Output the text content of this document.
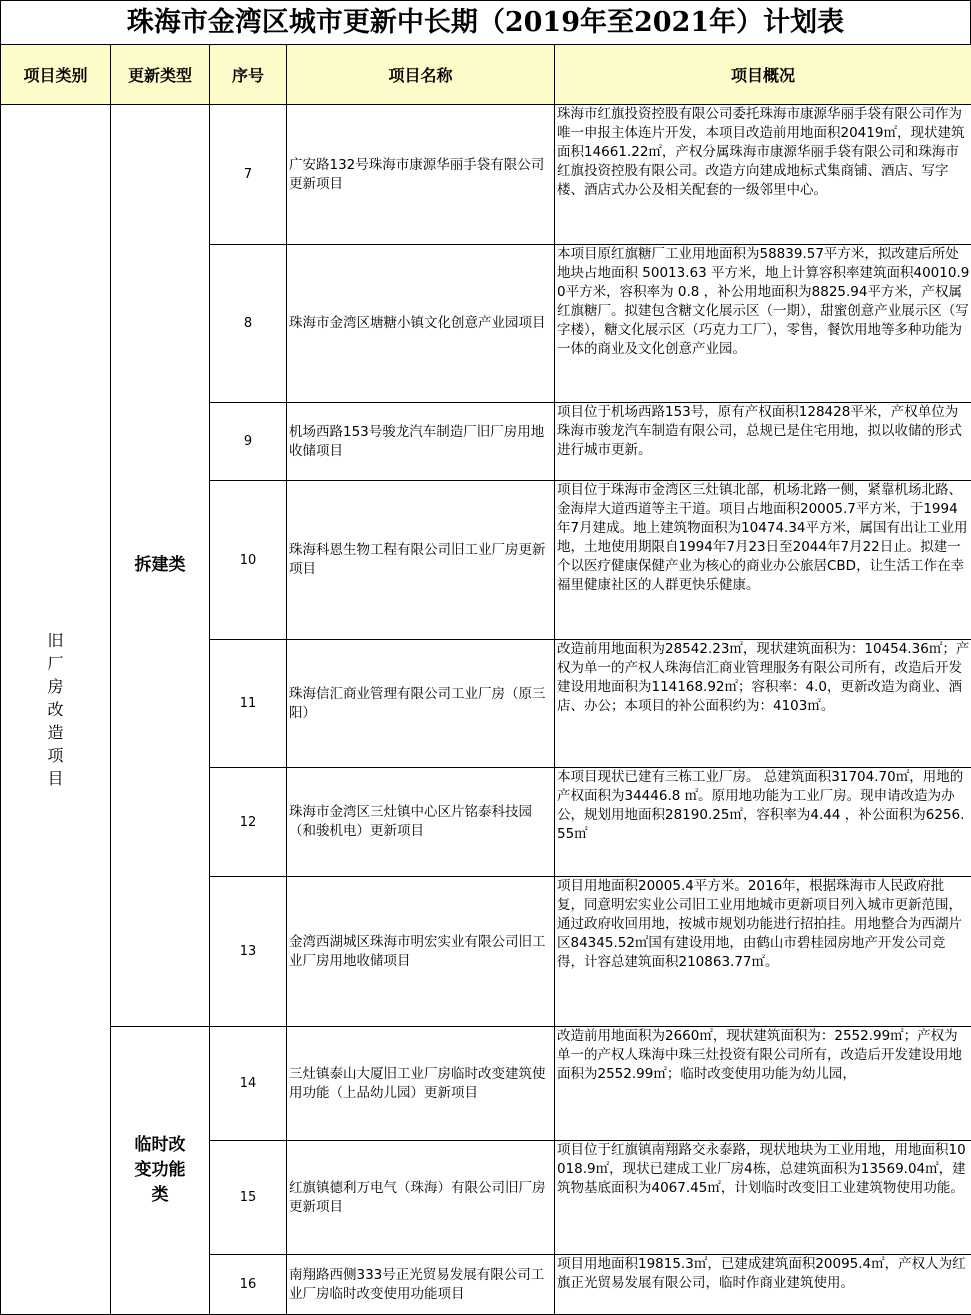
珠海市金湾区城市更新中长期（2019年至2021年）计划表
项目类别	更新类型	序号	项目名称	项目概况
旧厂房改造项目	拆建类	7	广安路132号珠海市康源华丽手袋有限公司更新项目	珠海市红旗投资控股有限公司委托珠海市康源华丽手袋有限公司作为唯一申报主体连片开发，本项目改造前用地面积20419㎡，现状建筑面积14661.22㎡，产权分属珠海市康源华丽手袋有限公司和珠海市红旗投资控股有限公司。改造方向建成地标式集商铺、酒店、写字楼、酒店式办公及相关配套的一级邻里中心。
		8	珠海市金湾区塘糖小镇文化创意产业园项目	本项目原红旗糖厂工业用地面积为58839.57平方米，拟改建后所处地块占地面积 50013.63 平方米，地上计算容积率建筑面积40010.90平方米，容积率为 0.8 ，补公用地面积为8825.94平方米，产权属红旗糖厂。拟建包含糖文化展示区（一期），甜蜜创意产业展示区（写字楼），糖文化展示区（巧克力工厂），零售，餐饮用地等多种功能为一体的商业及文化创意产业园。
		9	机场西路153号骏龙汽车制造厂旧厂房用地收储项目	项目位于机场西路153号，原有产权面积128428平米，产权单位为珠海市骏龙汽车制造有限公司，总规已是住宅用地，拟以收储的形式进行城市更新。
		10	珠海科恩生物工程有限公司旧工业厂房更新项目	项目位于珠海市金湾区三灶镇北部，机场北路一侧，紧靠机场北路、金海岸大道西道等主干道。项目占地面积20005.7平方米，于1994年7月建成。地上建筑物面积为10474.34平方米，属国有出让工业用地，土地使用期限自1994年7月23日至2044年7月22日止。拟建一个以医疗健康保健产业为核心的商业办公旅居CBD，让生活工作在幸福里健康社区的人群更快乐健康。
		11	珠海信汇商业管理有限公司工业厂房（原三阳）	改造前用地面积为28542.23㎡，现状建筑面积为：10454.36㎡；产权为单一的产权人珠海信汇商业管理服务有限公司所有，改造后开发建设用地面积为114168.92㎡；容积率：4.0，更新改造为商业、酒店、办公；本项目的补公面积约为：4103㎡。
		12	珠海市金湾区三灶镇中心区片铭泰科技园（和骏机电）更新项目	本项目现状已建有三栋工业厂房。 总建筑面积31704.70㎡，用地的产权面积为34446.8 ㎡。原用地功能为工业厂房。现申请改造为办公，规划用地面积28190.25㎡，容积率为4.44 ，补公面积为6256.55㎡
		13	金湾西湖城区珠海市明宏实业有限公司旧工业厂房用地收储项目	项目用地面积20005.4平方米。2016年，根据珠海市人民政府批复，同意明宏实业公司旧工业用地城市更新项目列入城市更新范围，通过政府收回用地，按城市规划功能进行招拍挂。用地整合为西湖片区84345.52㎡国有建设用地，由鹤山市碧桂园房地产开发公司竞得，计容总建筑面积210863.77㎡。

	临时改变功能类	14	三灶镇泰山大厦旧工业厂房临时改变建筑使用功能（上品幼儿园）更新项目	改造前用地面积为2660㎡，现状建筑面积为：2552.99㎡；产权为单一的产权人珠海中珠三灶投资有限公司所有，改造后开发建设用地面积为2552.99㎡；临时改变使用功能为幼儿园，
		15	红旗镇德利万电气（珠海）有限公司旧厂房更新项目	项目位于红旗镇南翔路交永泰路，现状地块为工业用地，用地面积10018.9㎡，现状已建成工业厂房4栋，总建筑面积为13569.04㎡，建筑物基底面积为4067.45㎡，计划临时改变旧工业建筑物使用功能。
		16	南翔路西侧333号正光贸易发展有限公司工业厂房临时改变使用功能项目	项目用地面积19815.3㎡，已建成建筑面积20095.4㎡，产权人为红旗正光贸易发展有限公司，临时作商业建筑使用。
